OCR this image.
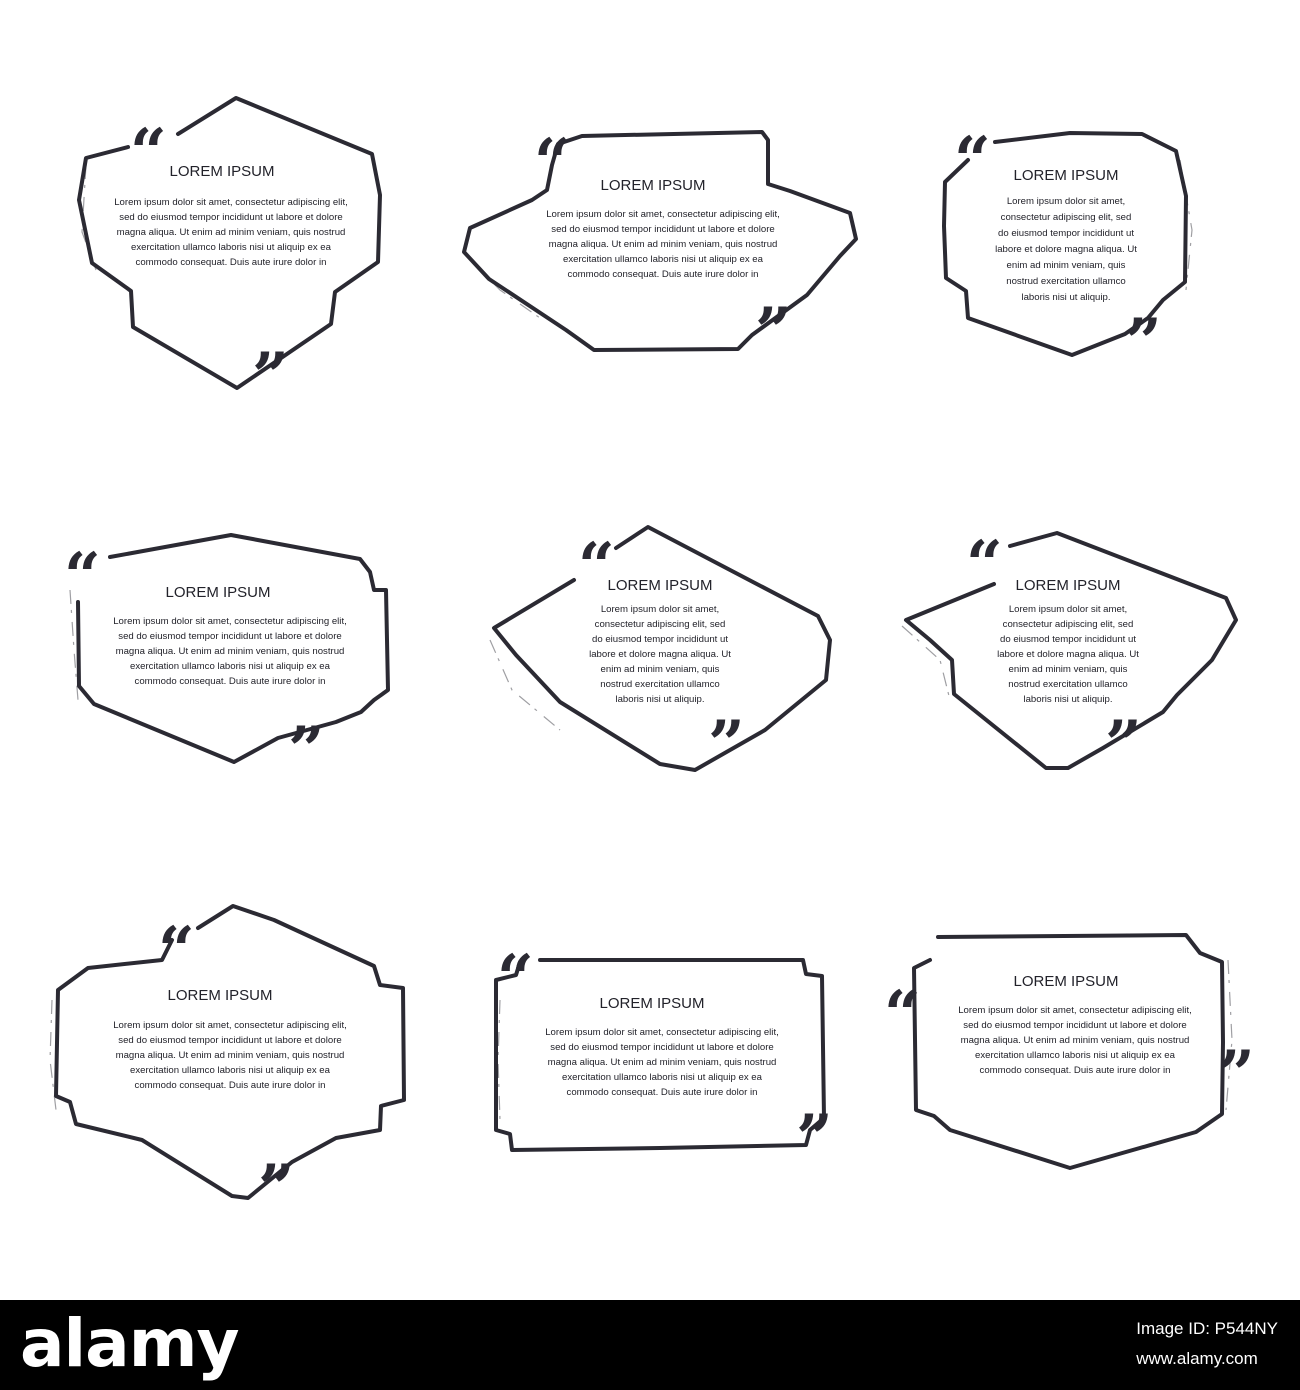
“
”
LOREM IPSUM
Lorem ipsum dolor sit amet, consectetur adipiscing elit,
sed do eiusmod tempor incididunt ut labore et dolore
magna aliqua. Ut enim ad minim veniam, quis nostrud
exercitation ullamco laboris nisi ut aliquip ex ea
commodo consequat. Duis aute irure dolor in
“
”
LOREM IPSUM
Lorem ipsum dolor sit amet, consectetur adipiscing elit,
sed do eiusmod tempor incididunt ut labore et dolore
magna aliqua. Ut enim ad minim veniam, quis nostrud
exercitation ullamco laboris nisi ut aliquip ex ea
commodo consequat. Duis aute irure dolor in
“
”
LOREM IPSUM
Lorem ipsum dolor sit amet,
consectetur adipiscing elit, sed
do eiusmod tempor incididunt ut
labore et dolore magna aliqua. Ut
enim ad minim veniam, quis
nostrud exercitation ullamco
laboris nisi ut aliquip.
“
”
LOREM IPSUM
Lorem ipsum dolor sit amet, consectetur adipiscing elit,
sed do eiusmod tempor incididunt ut labore et dolore
magna aliqua. Ut enim ad minim veniam, quis nostrud
exercitation ullamco laboris nisi ut aliquip ex ea
commodo consequat. Duis aute irure dolor in
“
”
LOREM IPSUM
Lorem ipsum dolor sit amet,
consectetur adipiscing elit, sed
do eiusmod tempor incididunt ut
labore et dolore magna aliqua. Ut
enim ad minim veniam, quis
nostrud exercitation ullamco
laboris nisi ut aliquip.
“
”
LOREM IPSUM
Lorem ipsum dolor sit amet,
consectetur adipiscing elit, sed
do eiusmod tempor incididunt ut
labore et dolore magna aliqua. Ut
enim ad minim veniam, quis
nostrud exercitation ullamco
laboris nisi ut aliquip.
“
”
LOREM IPSUM
Lorem ipsum dolor sit amet, consectetur adipiscing elit,
sed do eiusmod tempor incididunt ut labore et dolore
magna aliqua. Ut enim ad minim veniam, quis nostrud
exercitation ullamco laboris nisi ut aliquip ex ea
commodo consequat. Duis aute irure dolor in
“
”
LOREM IPSUM
Lorem ipsum dolor sit amet, consectetur adipiscing elit,
sed do eiusmod tempor incididunt ut labore et dolore
magna aliqua. Ut enim ad minim veniam, quis nostrud
exercitation ullamco laboris nisi ut aliquip ex ea
commodo consequat. Duis aute irure dolor in
“
”
LOREM IPSUM
Lorem ipsum dolor sit amet, consectetur adipiscing elit,
sed do eiusmod tempor incididunt ut labore et dolore
magna aliqua. Ut enim ad minim veniam, quis nostrud
exercitation ullamco laboris nisi ut aliquip ex ea
commodo consequat. Duis aute irure dolor in
alamy	Image ID: P544NY
www.alamy.com
